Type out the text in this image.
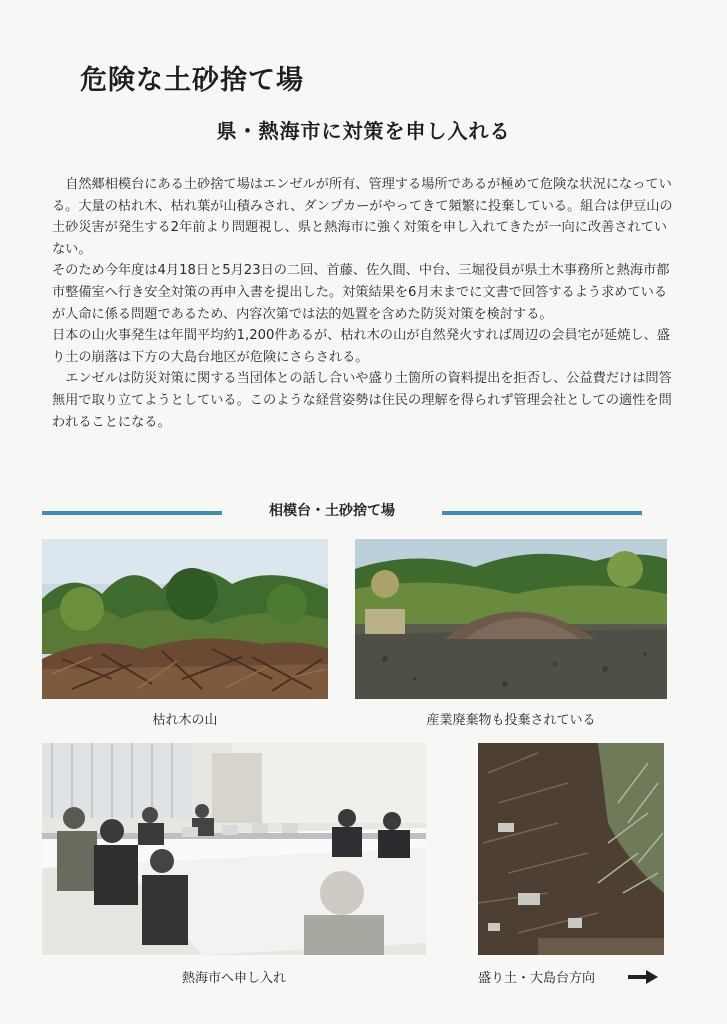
危険な土砂捨て場
県・熱海市に対策を申し入れる

自然郷相模台にある土砂捨て場はエンゼルが所有、管理する場所であるが極めて危険な状況になっている。大量の枯れ木、枯れ葉が山積みされ、ダンプカーがやってきて頻繁に投棄している。組合は伊豆山の土砂災害が発生する2年前より問題視し、県と熱海市に強く対策を申し入れてきたが一向に改善されていない。

そのため今年度は4月18日と5月23日の二回、首藤、佐久間、中台、三堀役員が県土木事務所と熱海市都市整備室へ行き安全対策の再申入書を提出した。対策結果を6月末までに文書で回答するよう求めているが人命に係る問題であるため、内容次第では法的処置を含めた防災対策を検討する。

日本の山火事発生は年間平均約1,200件あるが、枯れ木の山が自然発火すれば周辺の会員宅が延焼し、盛り土の崩落は下方の大島台地区が危険にさらされる。

エンゼルは防災対策に関する当団体との話し合いや盛り土箇所の資料提出を拒否し、公益費だけは問答無用で取り立てようとしている。このような経営姿勢は住民の理解を得られず管理会社としての適性を問われることになる。

相模台・土砂捨て場
枯れ木の山	産業廃棄物も投棄されている
熱海市へ申し入れ	盛り土・大島台方向
